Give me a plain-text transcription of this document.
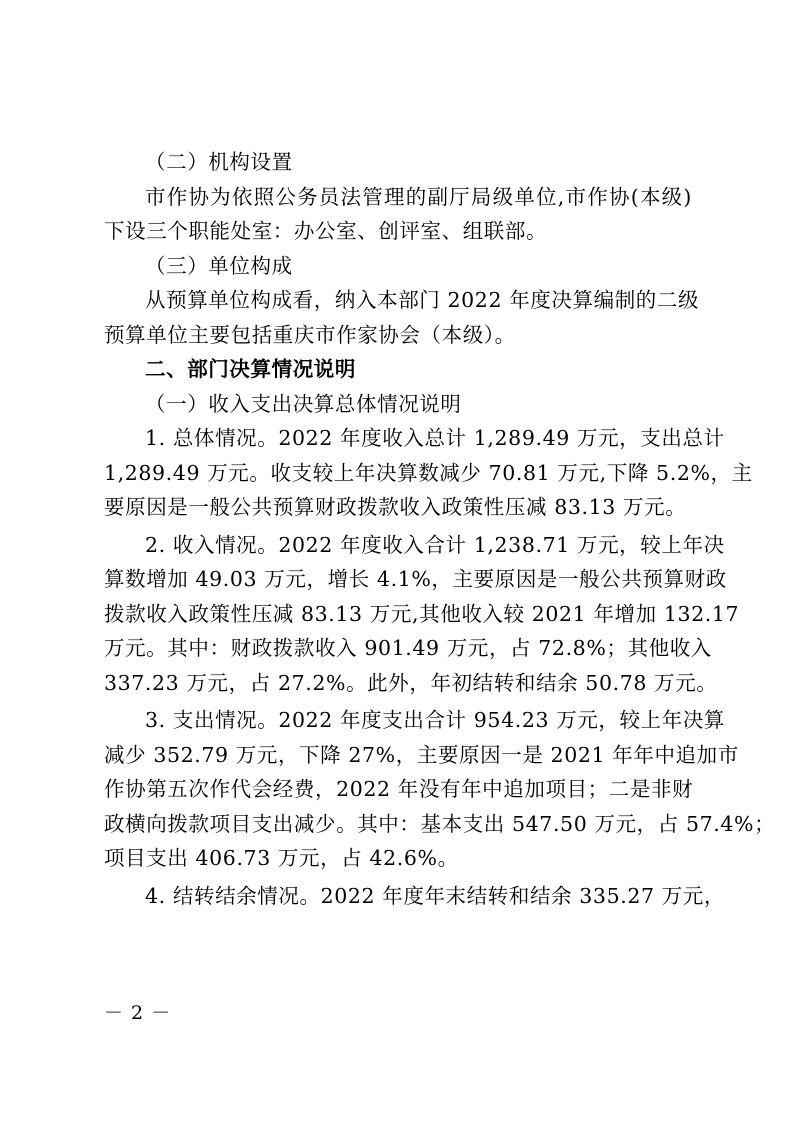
（二）机构设置

市作协为依照公务员法管理的副厅局级单位,市作协(本级)
下设三个职能处室：办公室、创评室、组联部。

（三）单位构成

从预算单位构成看，纳入本部门 2022 年度决算编制的二级
预算单位主要包括重庆市作家协会（本级）。

二、部门决算情况说明

（一）收入支出决算总体情况说明

1. 总体情况。2022 年度收入总计 1,289.49 万元，支出总计
1,289.49 万元。收支较上年决算数减少 70.81 万元,下降 5.2%，主
要原因是一般公共预算财政拨款收入政策性压减 83.13 万元。
2. 收入情况。2022 年度收入合计 1,238.71 万元，较上年决
算数增加 49.03 万元，增长 4.1%，主要原因是一般公共预算财政
拨款收入政策性压减 83.13 万元,其他收入较 2021 年增加 132.17
万元。其中：财政拨款收入 901.49 万元，占 72.8%；其他收入
337.23 万元，占 27.2%。此外，年初结转和结余 50.78 万元。
3. 支出情况。2022 年度支出合计 954.23 万元，较上年决算
减少 352.79 万元，下降 27%，主要原因一是 2021 年年中追加市
作协第五次作代会经费，2022 年没有年中追加项目；二是非财
政横向拨款项目支出减少。其中：基本支出 547.50 万元，占 57.4%；
项目支出 406.73 万元，占 42.6%。
4. 结转结余情况。2022 年度年末结转和结余 335.27 万元，
－ 2 －
